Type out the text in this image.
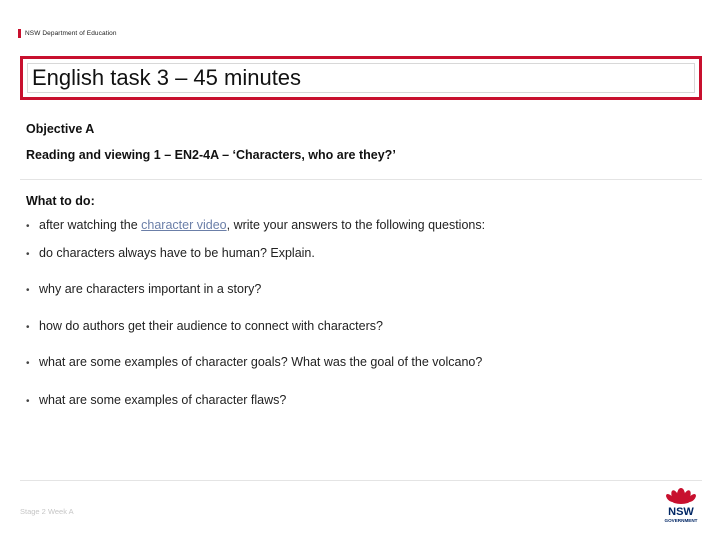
NSW Department of Education
English task 3 – 45 minutes
Objective A
Reading and viewing 1 – EN2-4A – ‘Characters, who are they?’
What to do:
• after watching the character video, write your answers to the following questions:
• do characters always have to be human? Explain.
• why are characters important in a story?
• how do authors get their audience to connect with characters?
• what are some examples of character goals? What was the goal of the volcano?
• what are some examples of character flaws?
Stage 2 Week A	NSW
GOVERNMENT
